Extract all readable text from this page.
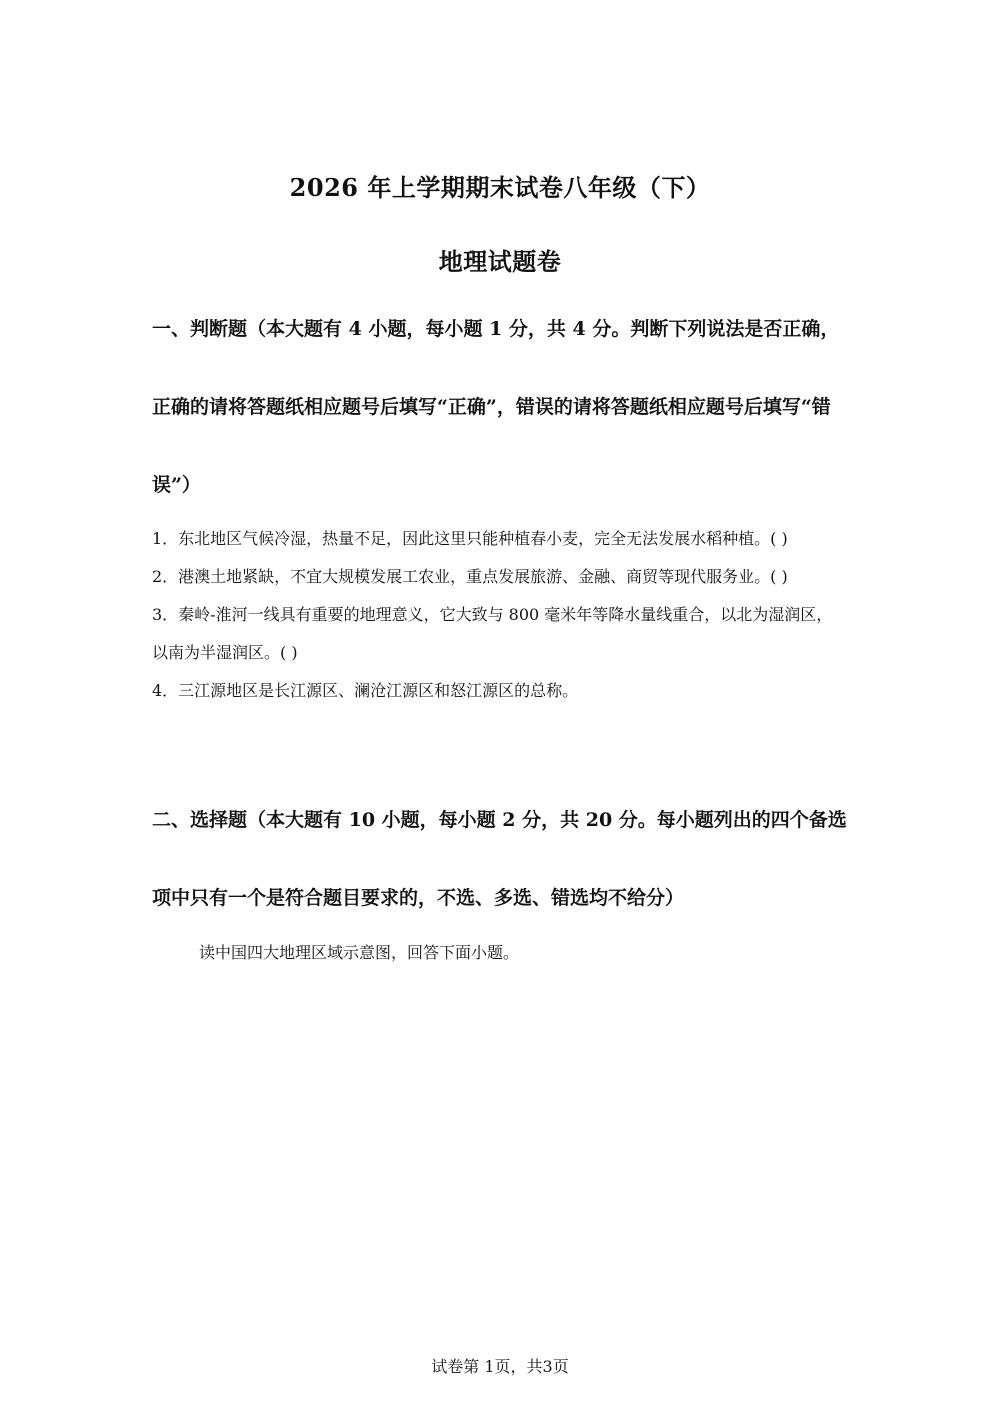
2026 年上学期期末试卷八年级（下）
地理试题卷
一、判断题（本大题有 4 小题，每小题 1 分，共 4 分。判断下列说法是否正确，正确的请将答题纸相应题号后填写“正确”，错误的请将答题纸相应题号后填写“错误”）
1．东北地区气候冷湿，热量不足，因此这里只能种植春小麦，完全无法发展水稻种植。( )
2．港澳土地紧缺，不宜大规模发展工农业，重点发展旅游、金融、商贸等现代服务业。( )
3．秦岭-淮河一线具有重要的地理意义，它大致与 800 毫米年等降水量线重合，以北为湿润区，以南为半湿润区。( )
4．三江源地区是长江源区、澜沧江源区和怒江源区的总称。
二、选择题（本大题有 10 小题，每小题 2 分，共 20 分。每小题列出的四个备选项中只有一个是符合题目要求的，不选、多选、错选均不给分）
读中国四大地理区域示意图，回答下面小题。
试卷第 1页，共3页
